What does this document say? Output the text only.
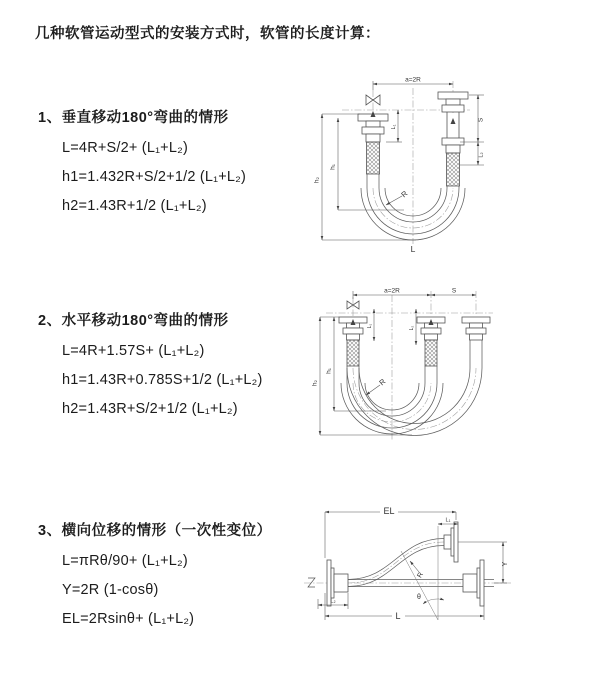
几种软管运动型式的安装方式时，软管的长度计算：
1、垂直移动180°弯曲的情形
L=4R+S/2+ (L₁+L₂)
h1=1.432R+S/2+1/2 (L₁+L₂)
h2=1.43R+1/2 (L₁+L₂)
2、水平移动180°弯曲的情形
L=4R+1.57S+ (L₁+L₂)
h1=1.43R+0.785S+1/2 (L₁+L₂)
h2=1.43R+S/2+1/2 (L₁+L₂)
3、横向位移的情形（一次性变位）
L=πRθ/90+ (L₁+L₂)
Y=2R (1-cosθ)
EL=2Rsinθ+ (L₁+L₂)
a=2R
h₂
h₁
S
L₂
L₁
R
L
a=2R	S
h₂
h₁
L₁	L₂
R
EL
L
L₁
L₂
Y
R
θ
